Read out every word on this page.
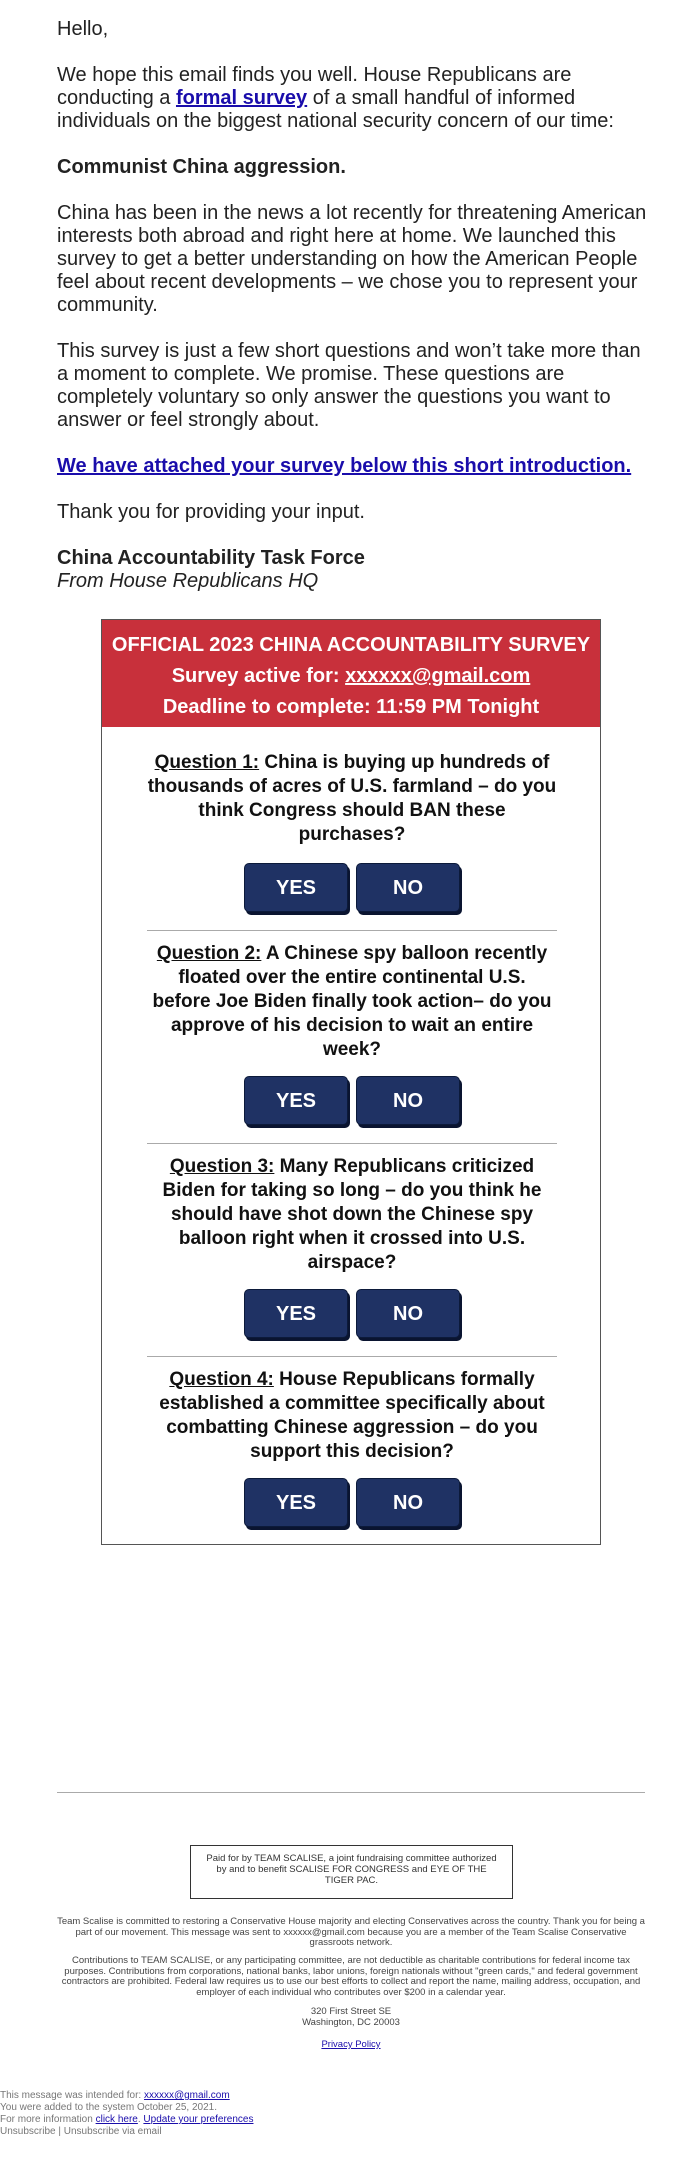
Hello,

We hope this email finds you well. House Republicans are conducting a formal survey of a small handful of informed individuals on the biggest national security concern of our time:

Communist China aggression.

China has been in the news a lot recently for threatening American interests both abroad and right here at home. We launched this survey to get a better understanding on how the American People feel about recent developments – we chose you to represent your community.

This survey is just a few short questions and won’t take more than a moment to complete. We promise. These questions are completely voluntary so only answer the questions you want to answer or feel strongly about.

We have attached your survey below this short introduction.

Thank you for providing your input.

China Accountability Task Force
From House Republicans HQ

OFFICIAL 2023 CHINA ACCOUNTABILITY SURVEY
Survey active for: xxxxxx@gmail.com
Deadline to complete: 11:59 PM Tonight
Question 1: China is buying up hundreds of thousands of acres of U.S. farmland – do you think Congress should BAN these purchases?
YES	NO
Question 2: A Chinese spy balloon recently floated over the entire continental U.S. before Joe Biden finally took action– do you approve of his decision to wait an entire week?
YES	NO
Question 3: Many Republicans criticized Biden for taking so long – do you think he should have shot down the Chinese spy balloon right when it crossed into U.S. airspace?
YES	NO
Question 4: House Republicans formally established a committee specifically about combatting Chinese aggression – do you support this decision?
YES	NO
Paid for by TEAM SCALISE, a joint fundraising committee authorized by and to benefit SCALISE FOR CONGRESS and EYE OF THE TIGER PAC.
Team Scalise is committed to restoring a Conservative House majority and electing Conservatives across the country. Thank you for being a part of our movement. This message was sent to xxxxxx@gmail.com because you are a member of the Team Scalise Conservative grassroots network.
Contributions to TEAM SCALISE, or any participating committee, are not deductible as charitable contributions for federal income tax purposes. Contributions from corporations, national banks, labor unions, foreign nationals without "green cards," and federal government contractors are prohibited. Federal law requires us to use our best efforts to collect and report the name, mailing address, occupation, and employer of each individual who contributes over $200 in a calendar year.
320 First Street SE
Washington, DC 20003
Privacy Policy
This message was intended for: xxxxxx@gmail.com
You were added to the system October 25, 2021.
For more information click here. Update your preferences
Unsubscribe | Unsubscribe via email
